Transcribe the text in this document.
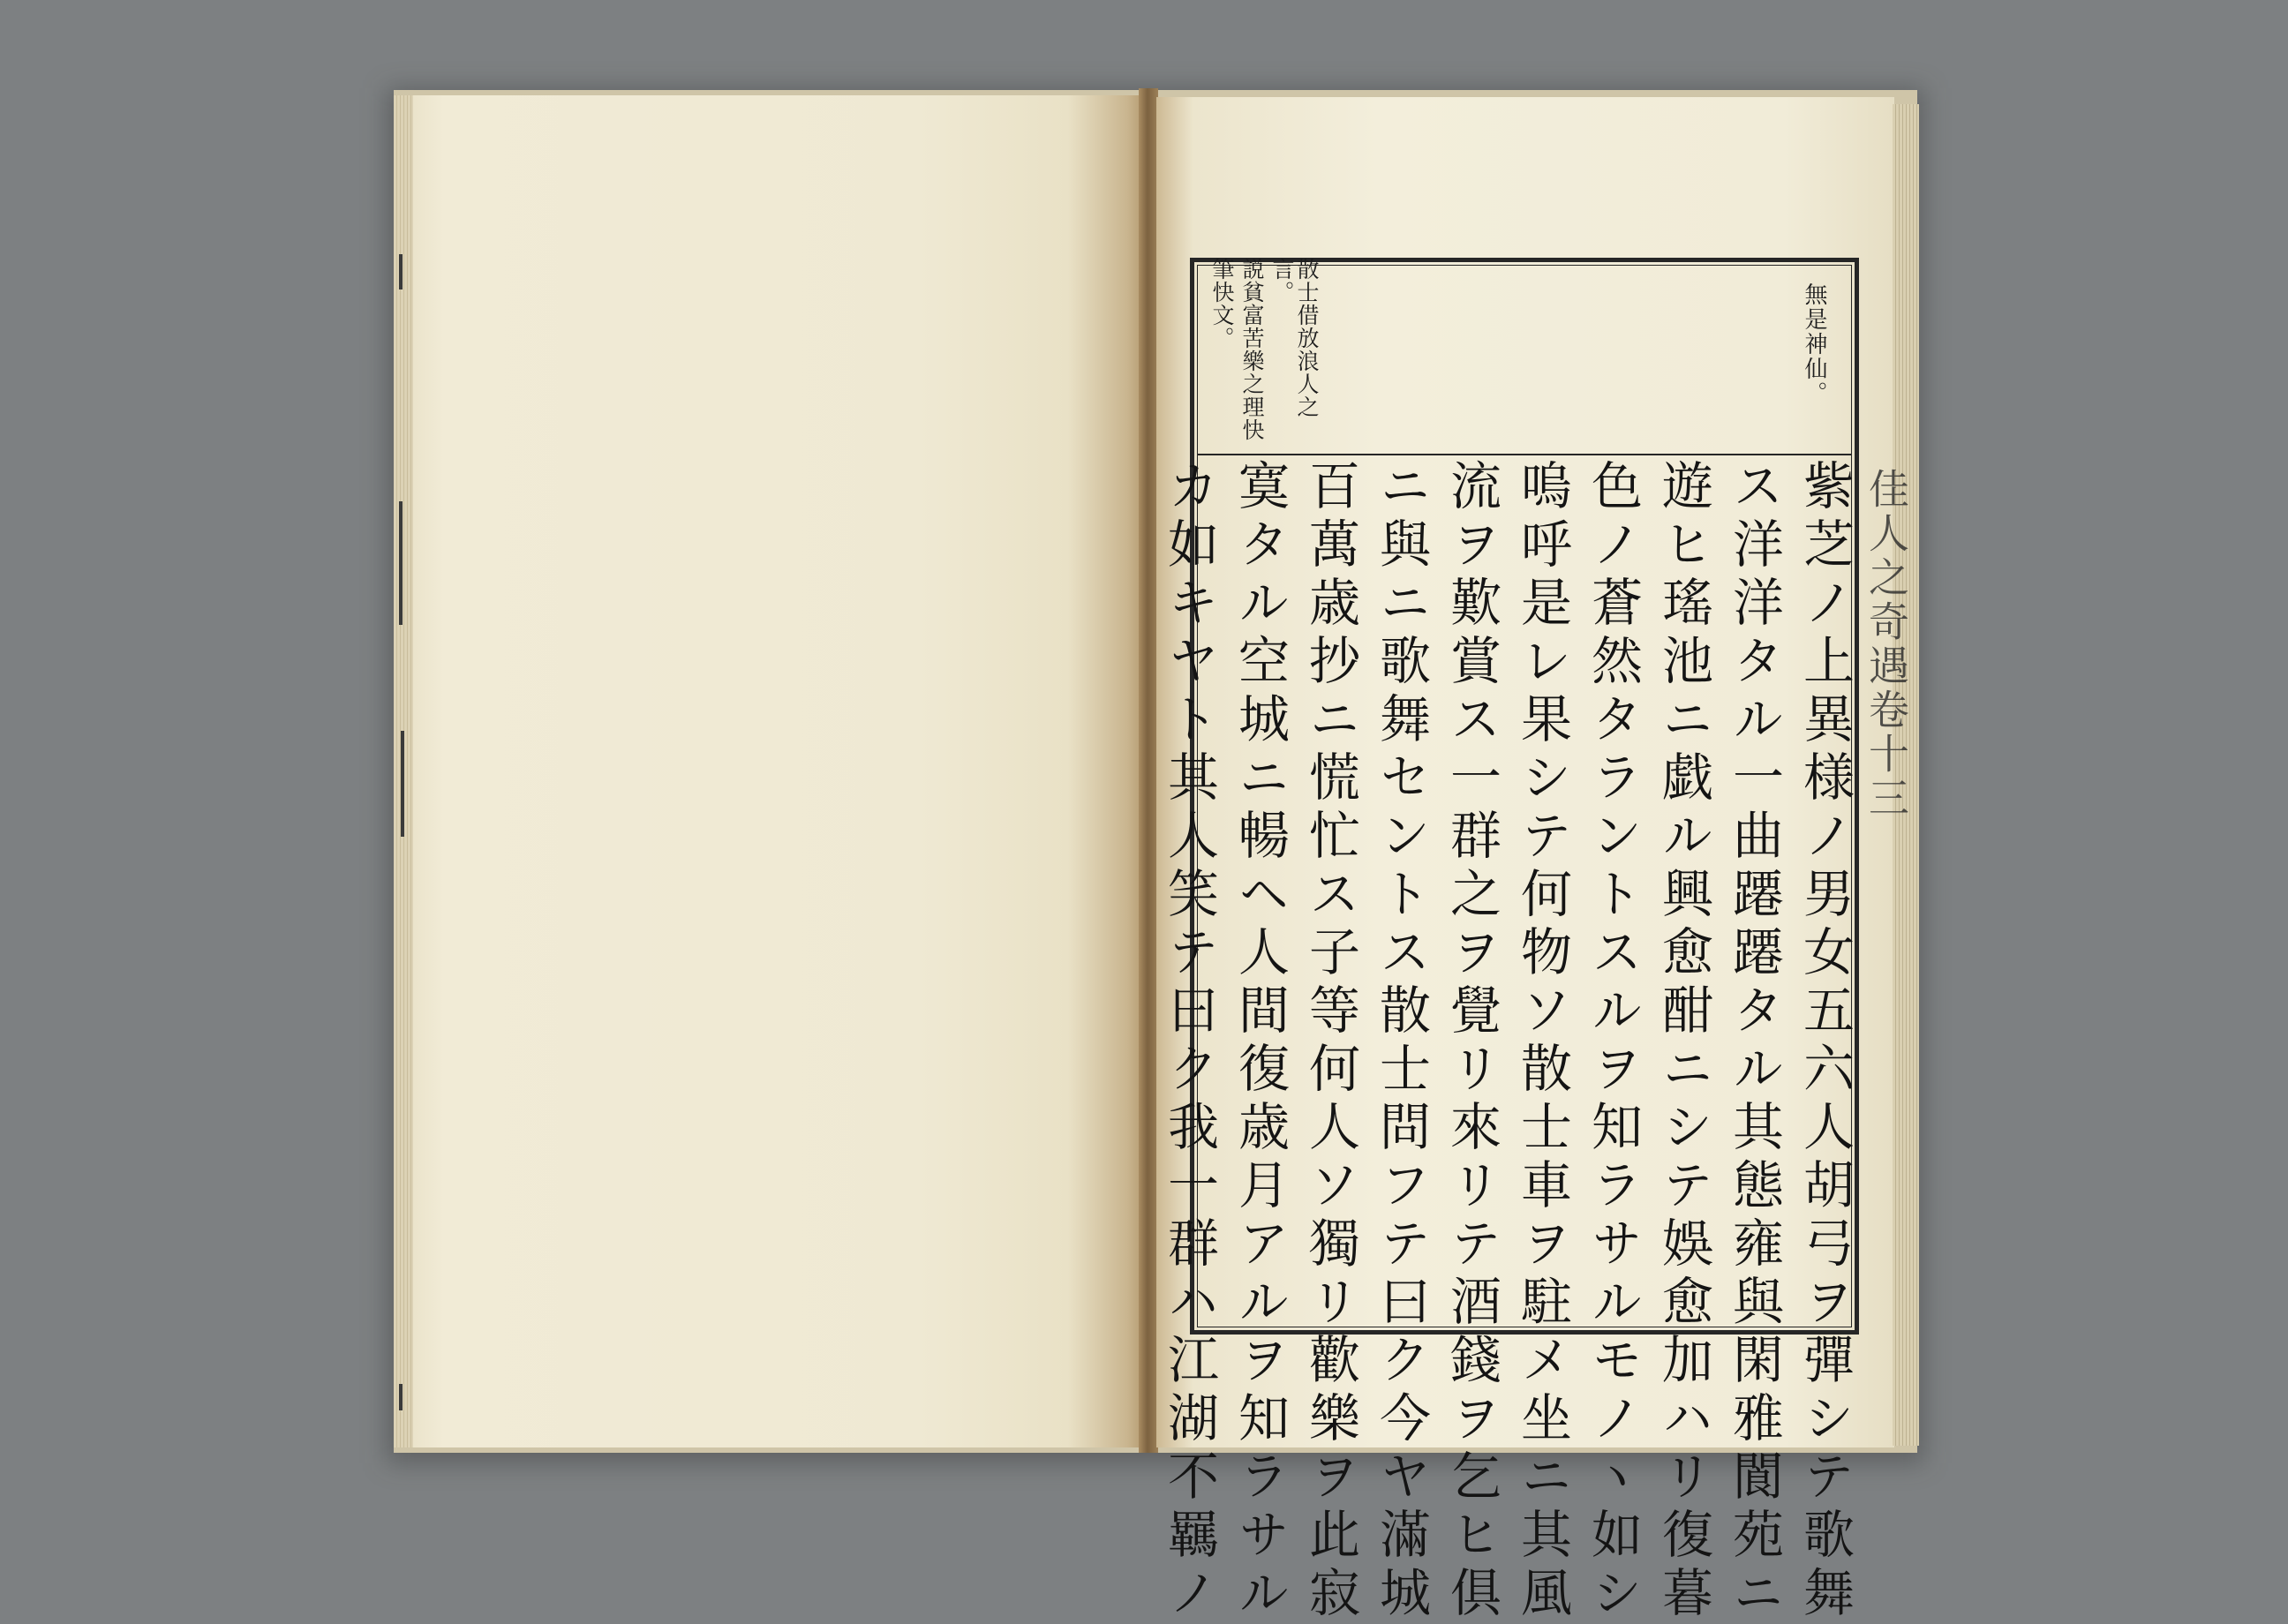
佳人之奇遇卷十三
無是神仙。
散士借放浪人之言。
説貧富苦樂之理快
筆快文。
紫芝ノ上異様ノ男女五六人胡弓ヲ彈シテ歌舞
ス洋洋タル一曲蹮蹮タル其態雍與閑雅閬苑ニ
遊ヒ瑤池ニ戯ル興愈酣ニシテ娛愈加ハリ復暮
色ノ蒼然タラントスルヲ知ラサルモノヽ如シ
嗚呼是レ果シテ何物ソ散士車ヲ駐メ坐ニ其風
流ヲ歎賞ス一群之ヲ覺リ來リテ酒錢ヲ乞ヒ俱
ニ與ニ歌舞セントス散士問フテ曰ク今ヤ滿城
百萬歳抄ニ慌忙ス子等何人ソ獨リ歡樂ヲ此寂
寞タル空城ニ暢ヘ人間復歳月アルヲ知ラサル
カ如キヤト其人笑テ曰ク我一群ハ江湖不羈ノ
